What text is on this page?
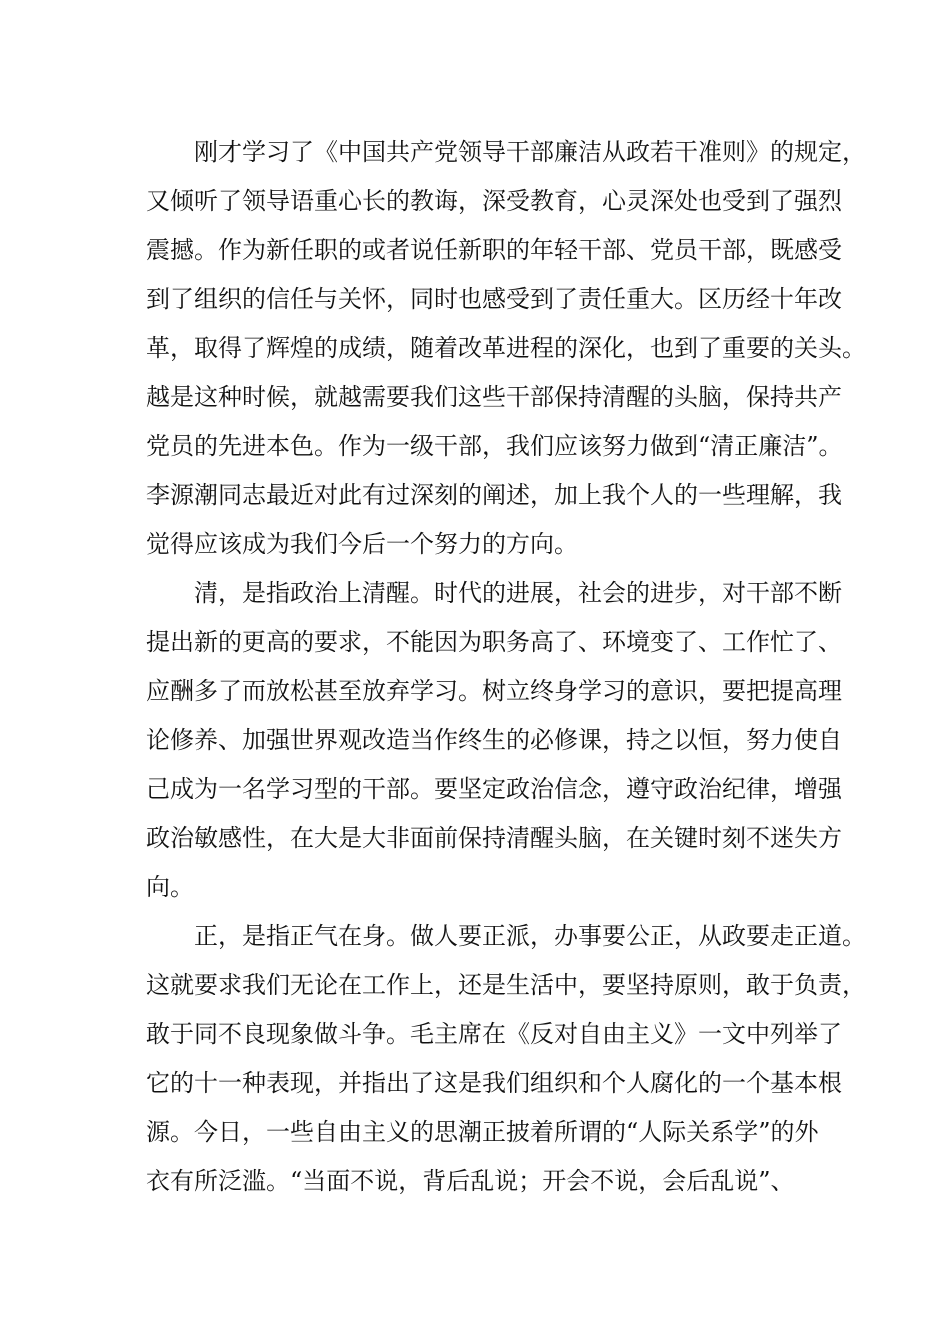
刚才学习了《中国共产党领导干部廉洁从政若干准则》的规定，
又倾听了领导语重心长的教诲，深受教育，心灵深处也受到了强烈
震撼。作为新任职的或者说任新职的年轻干部、党员干部，既感受
到了组织的信任与关怀，同时也感受到了责任重大。区历经十年改
革，取得了辉煌的成绩，随着改革进程的深化，也到了重要的关头。
越是这种时候，就越需要我们这些干部保持清醒的头脑，保持共产
党员的先进本色。作为一级干部，我们应该努力做到“清正廉洁”。
李源潮同志最近对此有过深刻的阐述，加上我个人的一些理解，我
觉得应该成为我们今后一个努力的方向。
清，是指政治上清醒。时代的进展，社会的进步，对干部不断
提出新的更高的要求，不能因为职务高了、环境变了、工作忙了、
应酬多了而放松甚至放弃学习。树立终身学习的意识，要把提高理
论修养、加强世界观改造当作终生的必修课，持之以恒，努力使自
己成为一名学习型的干部。要坚定政治信念，遵守政治纪律，增强
政治敏感性，在大是大非面前保持清醒头脑，在关键时刻不迷失方
向。
正，是指正气在身。做人要正派，办事要公正，从政要走正道。
这就要求我们无论在工作上，还是生活中，要坚持原则，敢于负责，
敢于同不良现象做斗争。毛主席在《反对自由主义》一文中列举了
它的十一种表现，并指出了这是我们组织和个人腐化的一个基本根
源。今日，一些自由主义的思潮正披着所谓的“人际关系学”的外
衣有所泛滥。“当面不说，背后乱说；开会不说，会后乱说”、
